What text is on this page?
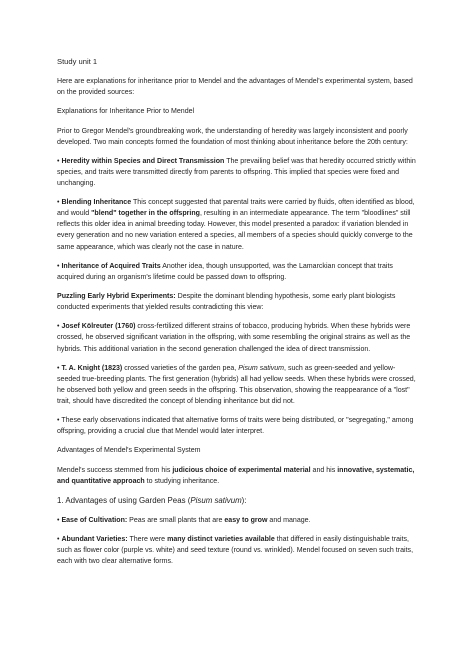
Study unit 1

Here are explanations for inheritance prior to Mendel and the advantages of Mendel's experimental system, based on the provided sources:

Explanations for Inheritance Prior to Mendel

Prior to Gregor Mendel's groundbreaking work, the understanding of heredity was largely inconsistent and poorly developed. Two main concepts formed the foundation of most thinking about inheritance before the 20th century:

• Heredity within Species and Direct Transmission The prevailing belief was that heredity occurred strictly within species, and traits were transmitted directly from parents to offspring. This implied that species were fixed and unchanging.

• Blending Inheritance This concept suggested that parental traits were carried by fluids, often identified as blood, and would "blend" together in the offspring, resulting in an intermediate appearance. The term "bloodlines" still reflects this older idea in animal breeding today. However, this model presented a paradox: if variation blended in every generation and no new variation entered a species, all members of a species should quickly converge to the same appearance, which was clearly not the case in nature.

• Inheritance of Acquired Traits Another idea, though unsupported, was the Lamarckian concept that traits acquired during an organism's lifetime could be passed down to offspring.

Puzzling Early Hybrid Experiments: Despite the dominant blending hypothesis, some early plant biologists conducted experiments that yielded results contradicting this view:

• Josef Kölreuter (1760) cross-fertilized different strains of tobacco, producing hybrids. When these hybrids were crossed, he observed significant variation in the offspring, with some resembling the original strains as well as the hybrids. This additional variation in the second generation challenged the idea of direct transmission.

• T. A. Knight (1823) crossed varieties of the garden pea, Pisum sativum, such as green-seeded and yellow-seeded true-breeding plants. The first generation (hybrids) all had yellow seeds. When these hybrids were crossed, he observed both yellow and green seeds in the offspring. This observation, showing the reappearance of a "lost" trait, should have discredited the concept of blending inheritance but did not.

• These early observations indicated that alternative forms of traits were being distributed, or "segregating," among offspring, providing a crucial clue that Mendel would later interpret.

Advantages of Mendel's Experimental System

Mendel's success stemmed from his judicious choice of experimental material and his innovative, systematic, and quantitative approach to studying inheritance.

1. Advantages of using Garden Peas (Pisum sativum):

• Ease of Cultivation: Peas are small plants that are easy to grow and manage.

• Abundant Varieties: There were many distinct varieties available that differed in easily distinguishable traits, such as flower color (purple vs. white) and seed texture (round vs. wrinkled). Mendel focused on seven such traits, each with two clear alternative forms.
